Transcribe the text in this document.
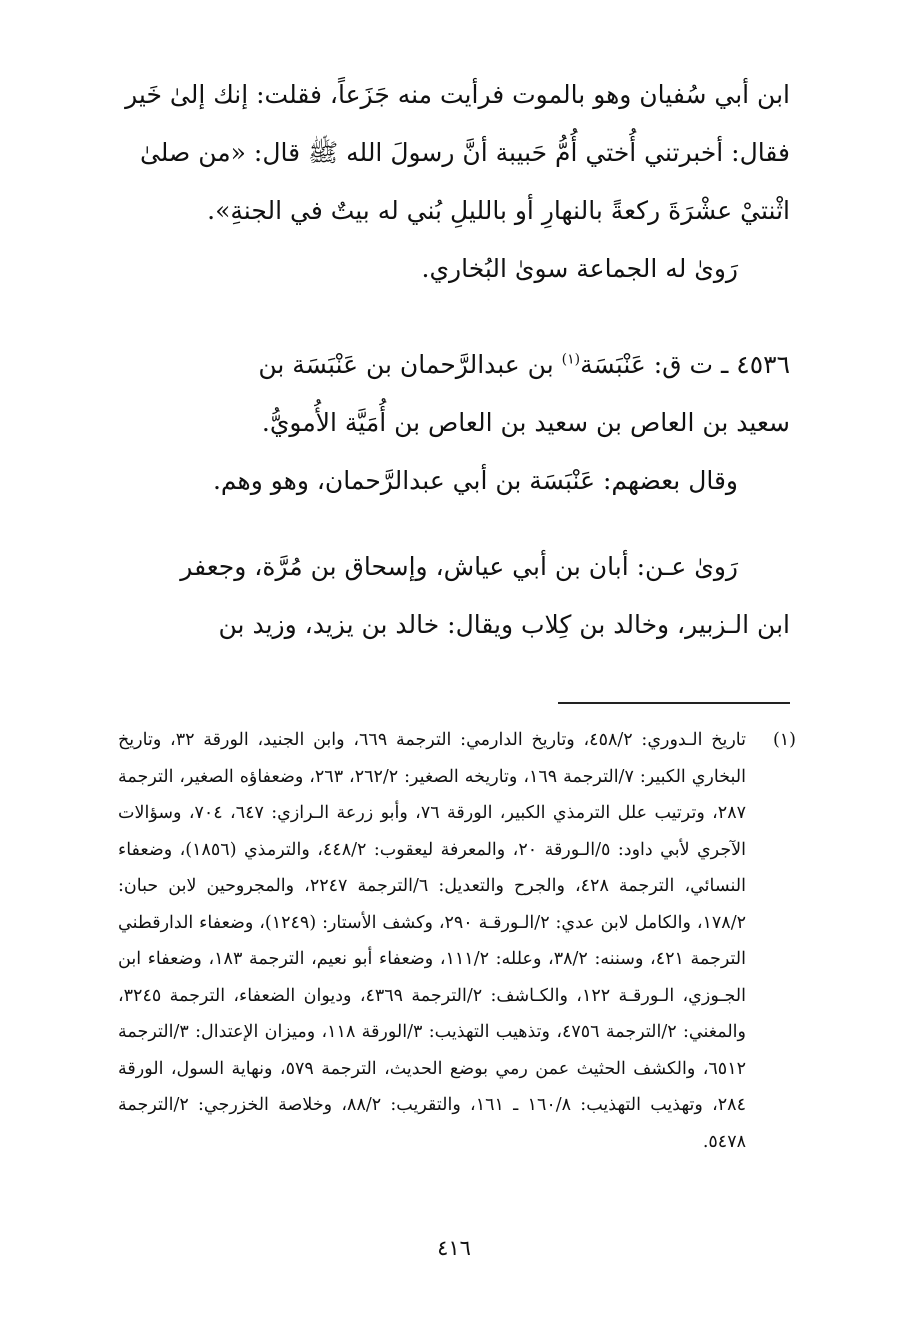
ابن أبي سُفيان وهو بالموت فرأيت منه جَزَعاً، فقلت: إنك إلىٰ خَير

فقال: أخبرتني أُختي أُمُّ حَبيبة أنَّ رسولَ الله ﷺ قال: «من صلىٰ

اثْنتيْ عشْرَةَ ركعةً بالنهارِ أو بالليلِ بُني له بيتٌ في الجنةِ».

رَوىٰ له الجماعة سوىٰ البُخاري.

٤٥٣٦ ـ ت ق: عَنْبَسَة$^{(١)}$ بن عبدالرَّحمان بن عَنْبَسَة بن

سعيد بن العاص بن سعيد بن العاص بن أُمَيَّة الأُمويُّ.

وقال بعضهم: عَنْبَسَة بن أبي عبدالرَّحمان، وهو وهم.

رَوىٰ عـن: أبان بن أبي عياش، وإسحاق بن مُرَّة، وجعفر

ابن الـزبير، وخالد بن كِلاب ويقال: خالد بن يزيد، وزيد بن

(١)
تاريخ الـدوري: ٤٥٨/٢، وتاريخ الدارمي: الترجمة ٦٦٩، وابن الجنيد، الورقة ٣٢، وتاريخ البخاري الكبير: ٧/الترجمة ١٦٩، وتاريخه الصغير: ٢٦٢/٢، ٢٦٣، وضعفاؤه الصغير، الترجمة ٢٨٧، وترتيب علل الترمذي الكبير، الورقة ٧٦، وأبو زرعة الـرازي: ٦٤٧، ٧٠٤، وسؤالات الآجري لأبي داود: ٥/الـورقة ٢٠، والمعرفة ليعقوب: ٤٤٨/٢، والترمذي (١٨٥٦)، وضعفاء النسائي، الترجمة ٤٢٨، والجرح والتعديل: ٦/الترجمة ٢٢٤٧، والمجروحين لابن حبان: ١٧٨/٢، والكامل لابن عدي: ٢/الـورقـة ٢٩٠، وكشف الأستار: (١٢٤٩)، وضعفاء الدارقطني الترجمة ٤٢١، وسننه: ٣٨/٢، وعلله: ١١١/٢، وضعفاء أبو نعيم، الترجمة ١٨٣، وضعفاء ابن الجـوزي، الـورقـة ١٢٢، والكـاشف: ٢/الترجمة ٤٣٦٩، وديوان الضعفاء، الترجمة ٣٢٤٥، والمغني: ٢/الترجمة ٤٧٥٦، وتذهيب التهذيب: ٣/الورقة ١١٨، وميزان الإعتدال: ٣/الترجمة ٦٥١٢، والكشف الحثيث عمن رمي بوضع الحديث، الترجمة ٥٧٩، ونهاية السول، الورقة ٢٨٤، وتهذيب التهذيب: ١٦٠/٨ ـ ١٦١، والتقريب: ٨٨/٢، وخلاصة الخزرجي: ٢/الترجمة ٥٤٧٨.
٤١٦
